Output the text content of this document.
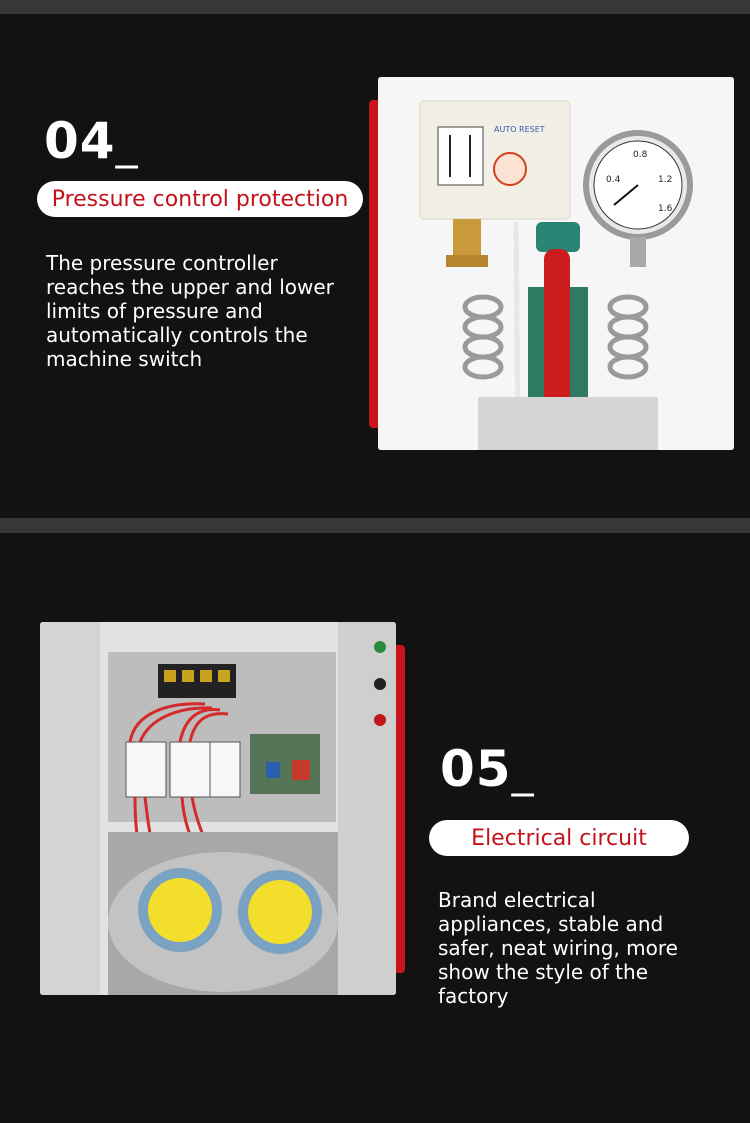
04_
Pressure control protection
The pressure controller reaches the upper and lower limits of pressure and automatically controls the machine switch
AUTO RESET
0.8
0.4	1.2
1.6
05_
Electrical circuit
Brand electrical appliances, stable and safer, neat wiring, more show the style of the factory
